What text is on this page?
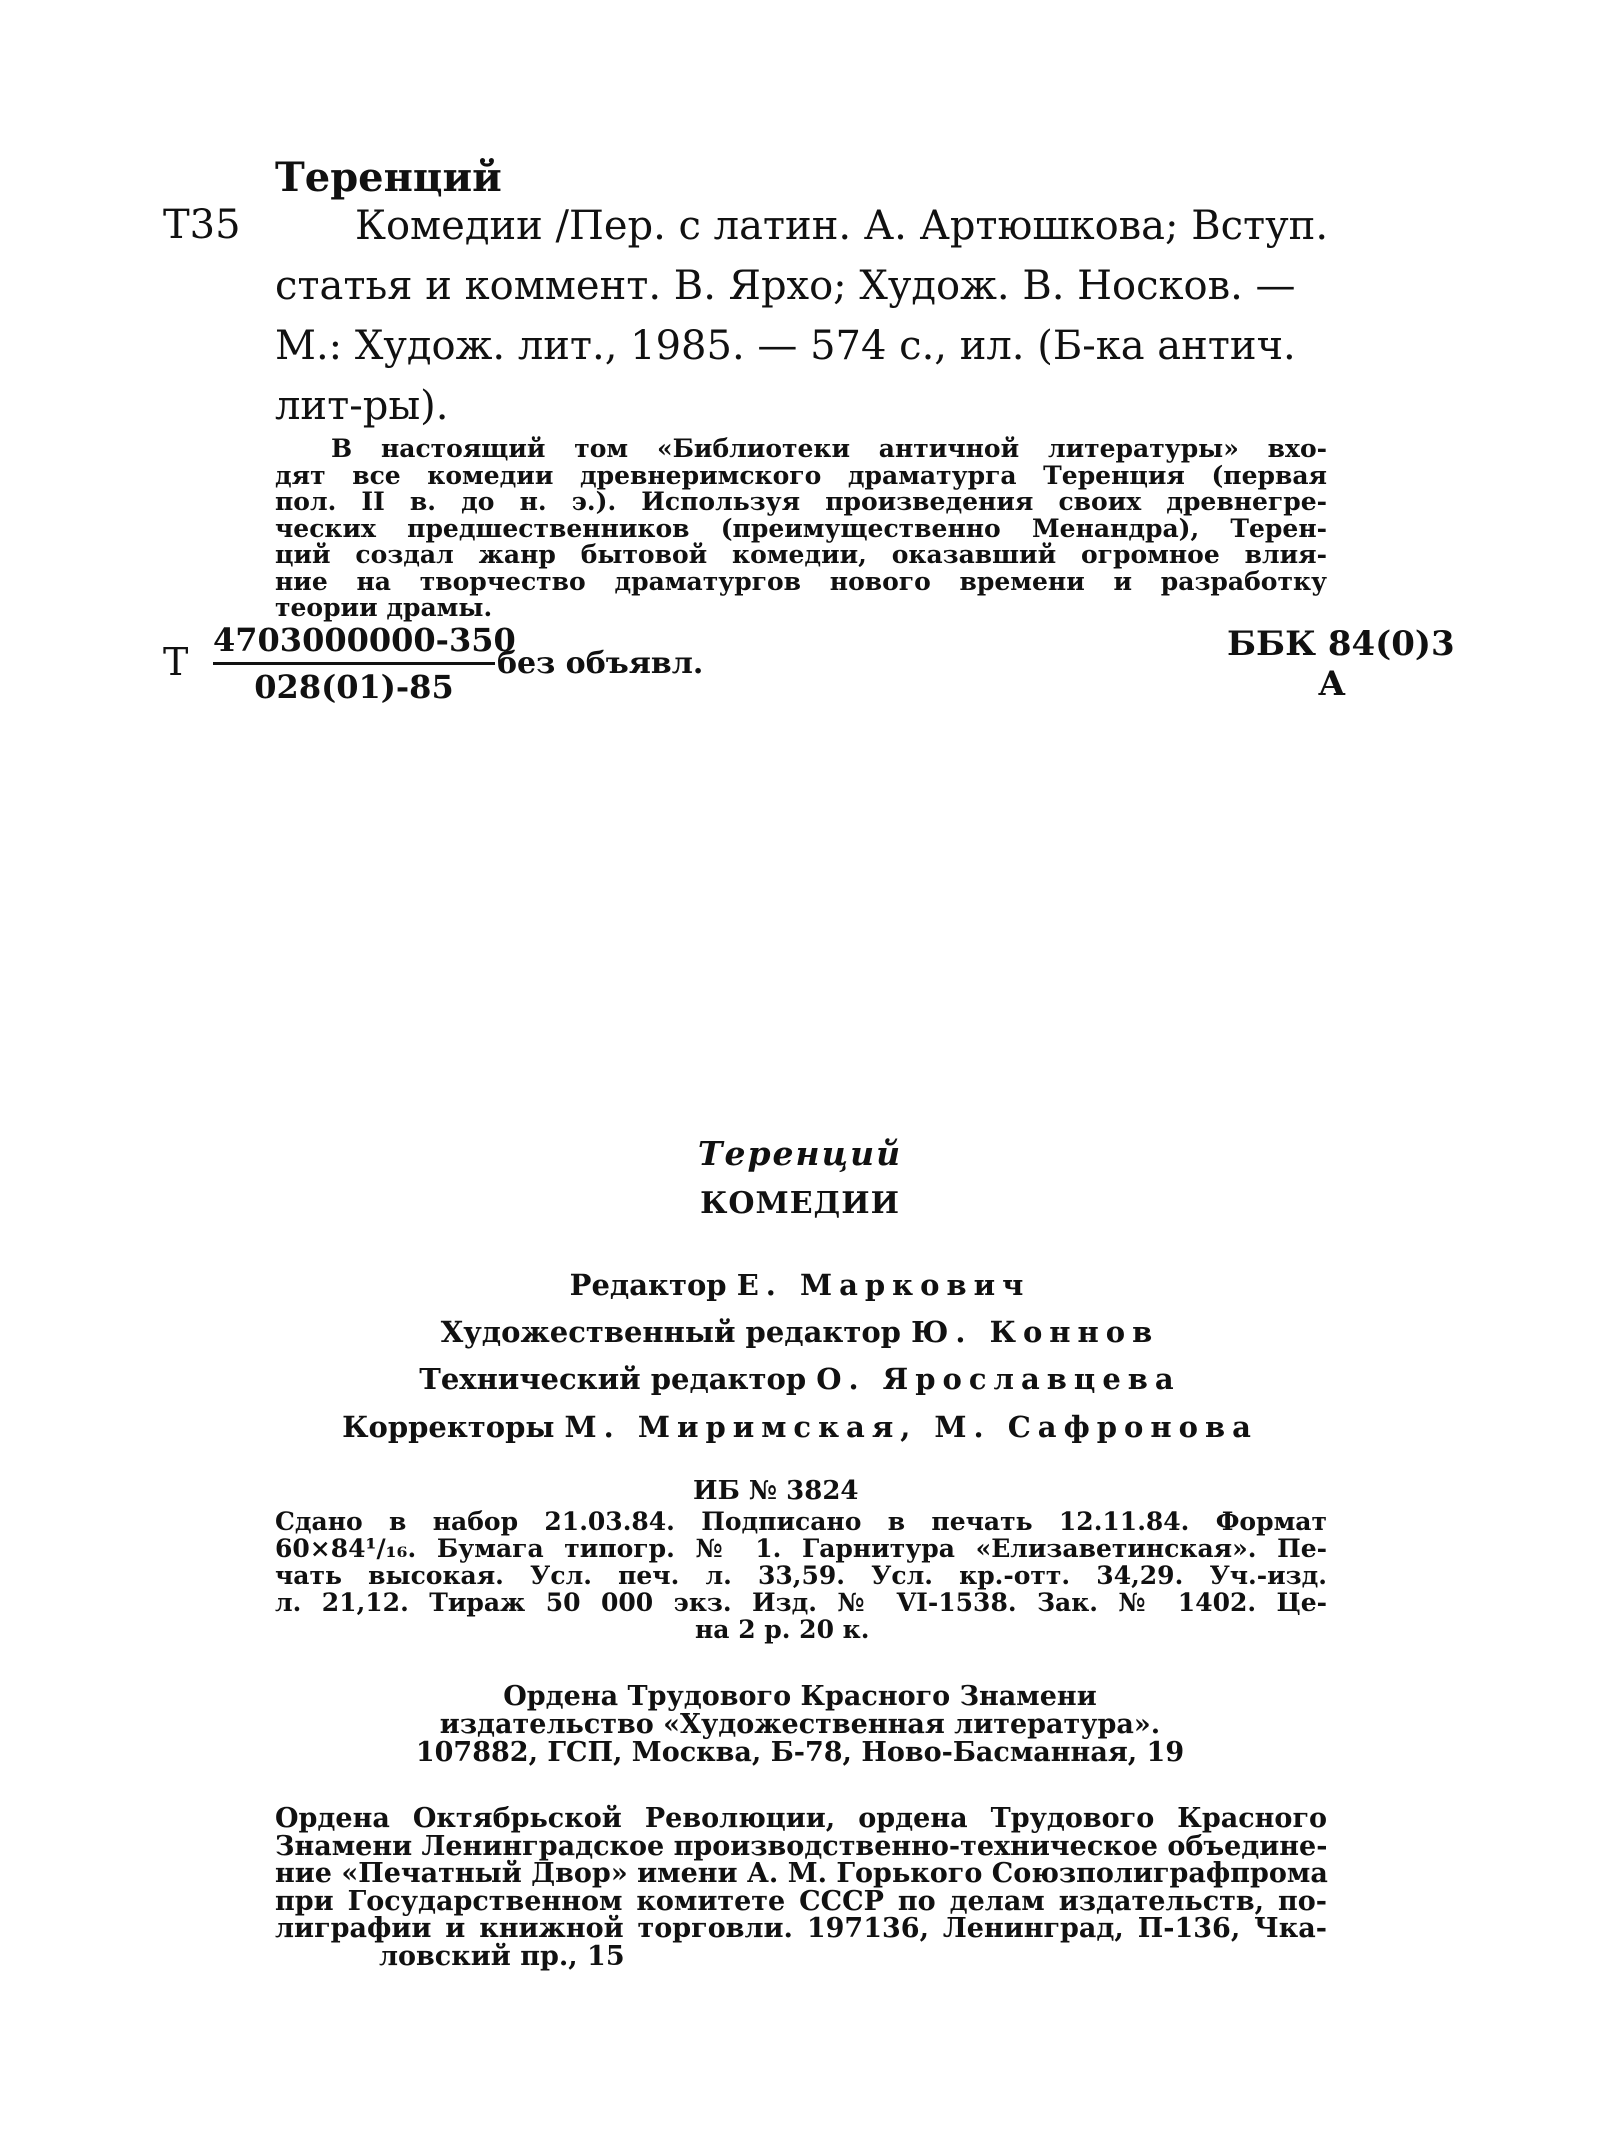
Теренций
Т35	Комедии /Пер. с латин. А. Артюшкова; Вступ.
статья и коммент. В. Ярхо; Худож. В. Носков. —
М.: Худож. лит., 1985. — 574 с., ил. (Б-ка антич.
лит-ры).
В настоящий том «Библиотеки античной литературы» вхо-
дят все комедии древнеримского драматурга Теренция (первая
пол. II в. до н. э.). Используя произведения своих древнегре-
ческих предшественников (преимущественно Менандра), Терен-
ций создал жанр бытовой комедии, оказавший огромное влия-
ние на творчество драматургов нового времени и разработку
теории драмы.
Т 4703000000-350
028(01)-85
без объявл.	ББК 84(0)3
А
Теренций
КОМЕДИИ
Редактор Е. Маркович
Художественный редактор Ю. Коннов
Технический редактор О. Ярославцева
Корректоры М. Миримская, М. Сафронова
ИБ № 3824
Сдано в набор 21.03.84. Подписано в печать 12.11.84. Формат
60×84¹/₁₆. Бумага типогр. № 1. Гарнитура «Елизаветинская». Пе-
чать высокая. Усл. печ. л. 33,59. Усл. кр.-отт. 34,29. Уч.-изд.
л. 21,12. Тираж 50 000 экз. Изд. № VI-1538. Зак. № 1402. Це-
на 2 р. 20 к.
Ордена Трудового Красного Знамени
издательство «Художественная литература».
107882, ГСП, Москва, Б-78, Ново-Басманная, 19
Ордена Октябрьской Революции, ордена Трудового Красного
Знамени Ленинградское производственно-техническое объедине-
ние «Печатный Двор» имени А. М. Горького Союзполиграфпрома
при Государственном комитете СССР по делам издательств, по-
лиграфии и книжной торговли. 197136, Ленинград, П-136, Чка-
ловский пр., 15
